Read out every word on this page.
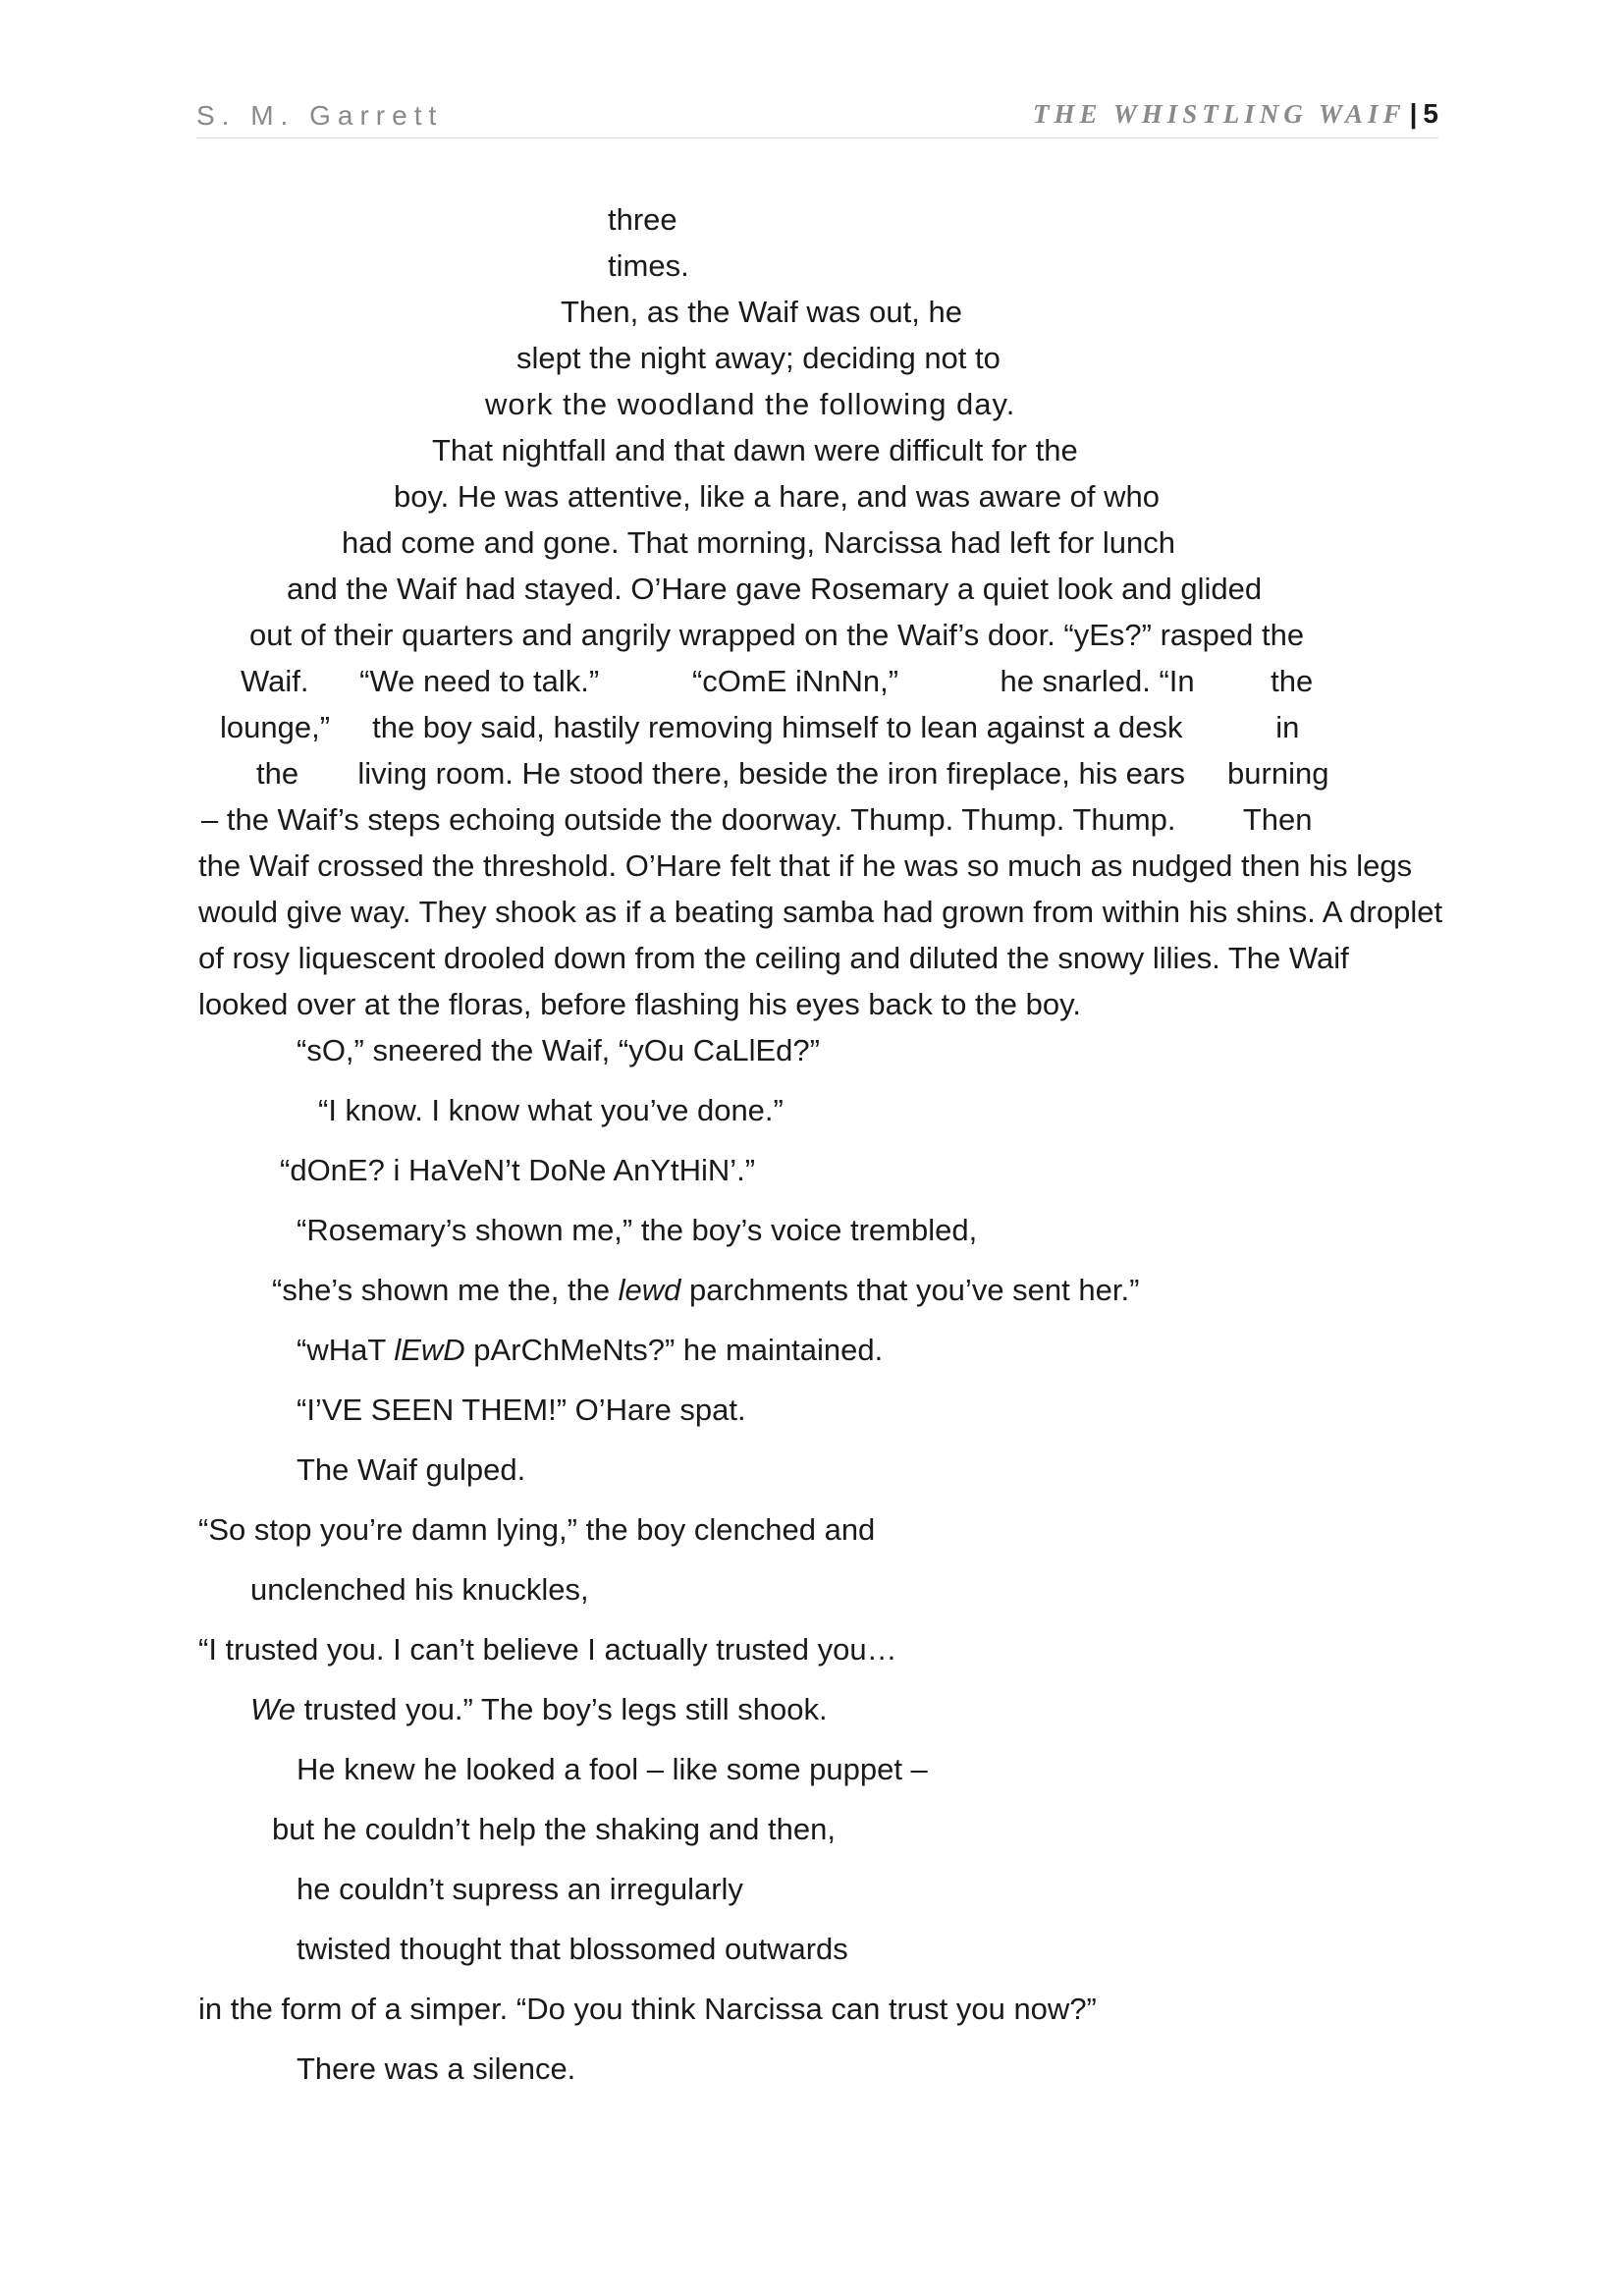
S. M. Garrett	THE WHISTLING WAIF | 5
three
times.
Then, as the Waif was out, he
slept the night away; deciding not to
work the woodland the following day.
That nightfall and that dawn were difficult for the
boy. He was attentive, like a hare, and was aware of who
had come and gone. That morning, Narcissa had left for lunch
and the Waif had stayed. O’Hare gave Rosemary a quiet look and glided
out of their quarters and angrily wrapped on the Waif’s door. “yEs?” rasped the
Waif.      “We need to talk.”           “cOmE iNnNn,”            he snarled. “In         the
lounge,”     the boy said, hastily removing himself to lean against a desk           in
the       living room. He stood there, beside the iron fireplace, his ears     burning
– the Waif’s steps echoing outside the doorway. Thump. Thump. Thump.        Then
the Waif crossed the threshold. O’Hare felt that if he was so much as nudged then his legs
would give way. They shook as if a beating samba had grown from within his shins. A droplet
of rosy liquescent drooled down from the ceiling and diluted the snowy lilies. The Waif
looked over at the floras, before flashing his eyes back to the boy.
“sO,” sneered the Waif, “yOu CaLlEd?”
“I know. I know what you’ve done.”
“dOnE? i HaVeN’t DoNe AnYtHiN’.”
“Rosemary’s shown me,” the boy’s voice trembled,
“she’s shown me the, the lewd parchments that you’ve sent her.”
“wHaT lEwD pArChMeNts?” he maintained.
“I’VE SEEN THEM!” O’Hare spat.
The Waif gulped.
“So stop you’re damn lying,” the boy clenched and
unclenched his knuckles,
“I trusted you. I can’t believe I actually trusted you…
We trusted you.” The boy’s legs still shook.
He knew he looked a fool – like some puppet –
but he couldn’t help the shaking and then,
he couldn’t supress an irregularly
twisted thought that blossomed outwards
in the form of a simper. “Do you think Narcissa can trust you now?”
There was a silence.
